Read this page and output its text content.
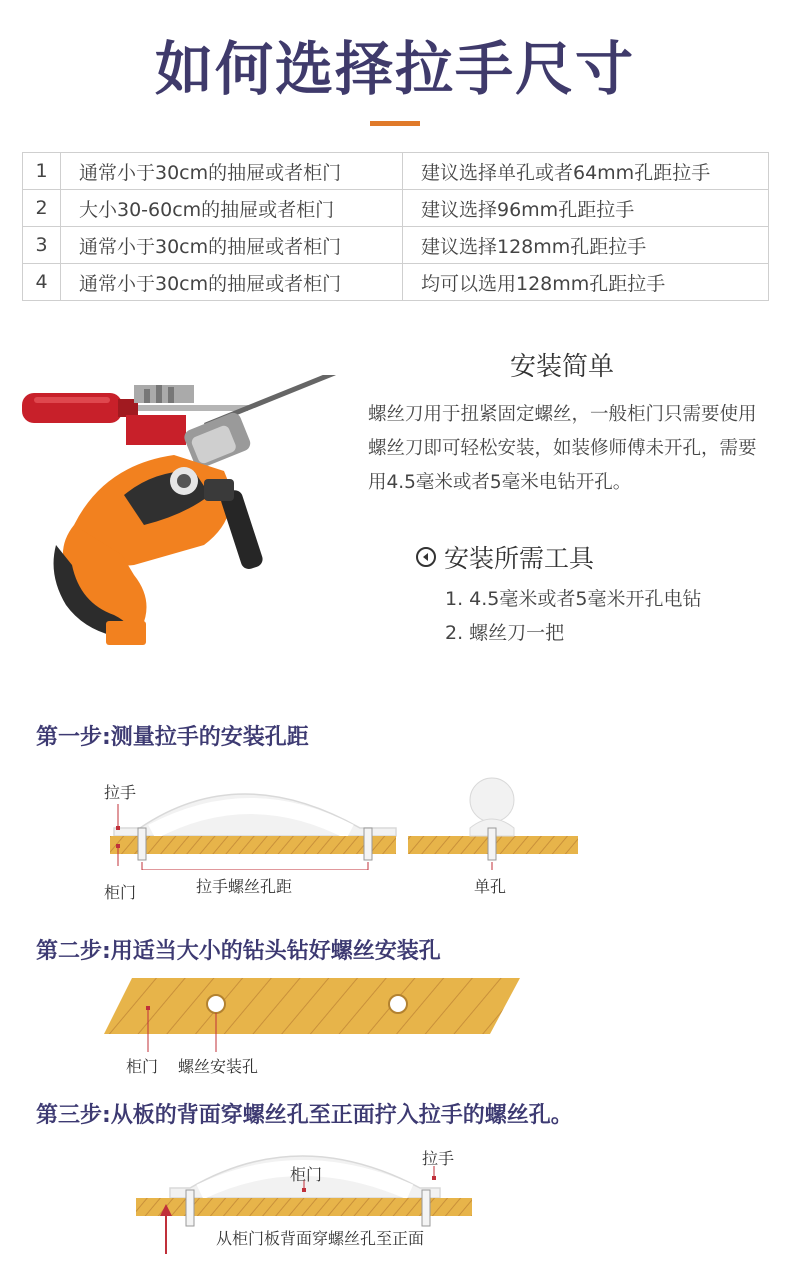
如何选择拉手尺寸
1	通常小于30cm的抽屉或者柜门	建议选择单孔或者64mm孔距拉手
2	大小30-60cm的抽屉或者柜门	建议选择96mm孔距拉手
3	通常小于30cm的抽屉或者柜门	建议选择128mm孔距拉手
4	通常小于30cm的抽屉或者柜门	均可以选用128mm孔距拉手
安装简单
螺丝刀用于扭紧固定螺丝，一般柜门只需要使用螺丝刀即可轻松安装，如装修师傅未开孔，需要用4.5毫米或者5毫米电钻开孔。
安装所需工具
1. 4.5毫米或者5毫米开孔电钻
2. 螺丝刀一把
第一步:测量拉手的安装孔距
拉手
柜门	拉手螺丝孔距	单孔
第二步:用适当大小的钻头钻好螺丝安装孔
柜门 螺丝安装孔
第三步:从板的背面穿螺丝孔至正面拧入拉手的螺丝孔。
柜门
拉手
从柜门板背面穿螺丝孔至正面
